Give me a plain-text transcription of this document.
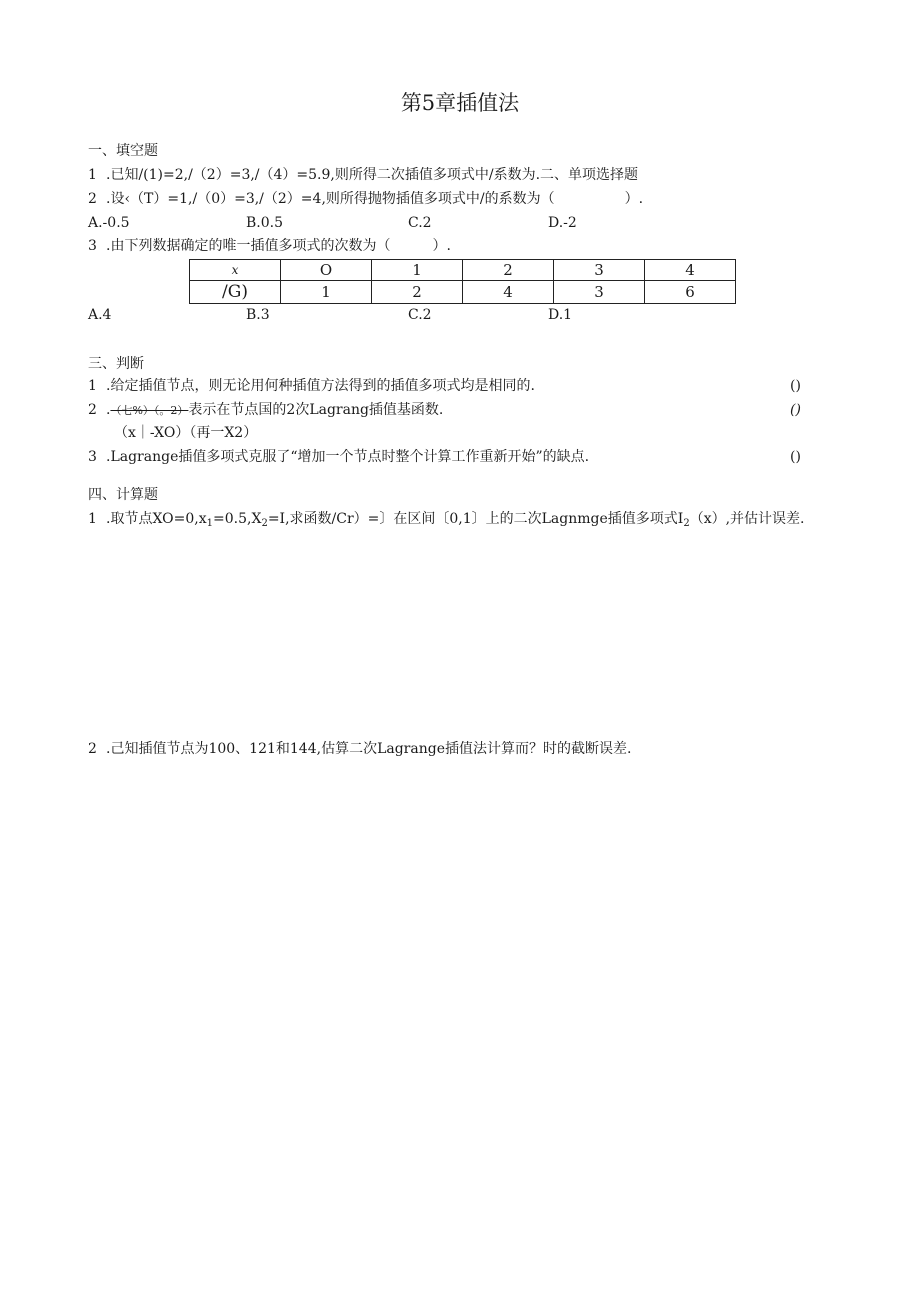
第5章插值法
一、填空题
1 .已知/(1)=2,/（2）=3,/（4）=5.9,则所得二次插值多项式中/系数为.二、单项选择题
2 .设‹（T）=1,/（0）=3,/（2）=4,则所得抛物插值多项式中/的系数为（　　　　　）.
A.-0.5	B.0.5	C.2	D.-2
3 .由下列数据确定的唯一插值多项式的次数为（　　　）.
x	O	1	2	3	4
/G)	1	2	4	3	6
A.4	B.3	C.2	D.1
三、判断
1 .给定插值节点，则无论用何种插值方法得到的插值多项式均是相同的.	()
2 .（七%）（。2）表示在节点国的2次Lagrang插值基函数.	()
（x｜-XO）（再一X2）
3 .Lagrange插值多项式克服了“增加一个节点时整个计算工作重新开始”的缺点.	()
四、计算题
1 .取节点$XO=0,x_1=0.5,X_2=I$,求函数/Cr）=〕在区间〔0,1〕上的二次Lagnmge插值多项式$I_2(x)$,并估计误差.
2 .己知插值节点为100、121和144,估算二次Lagrange插值法计算而？时的截断误差.
